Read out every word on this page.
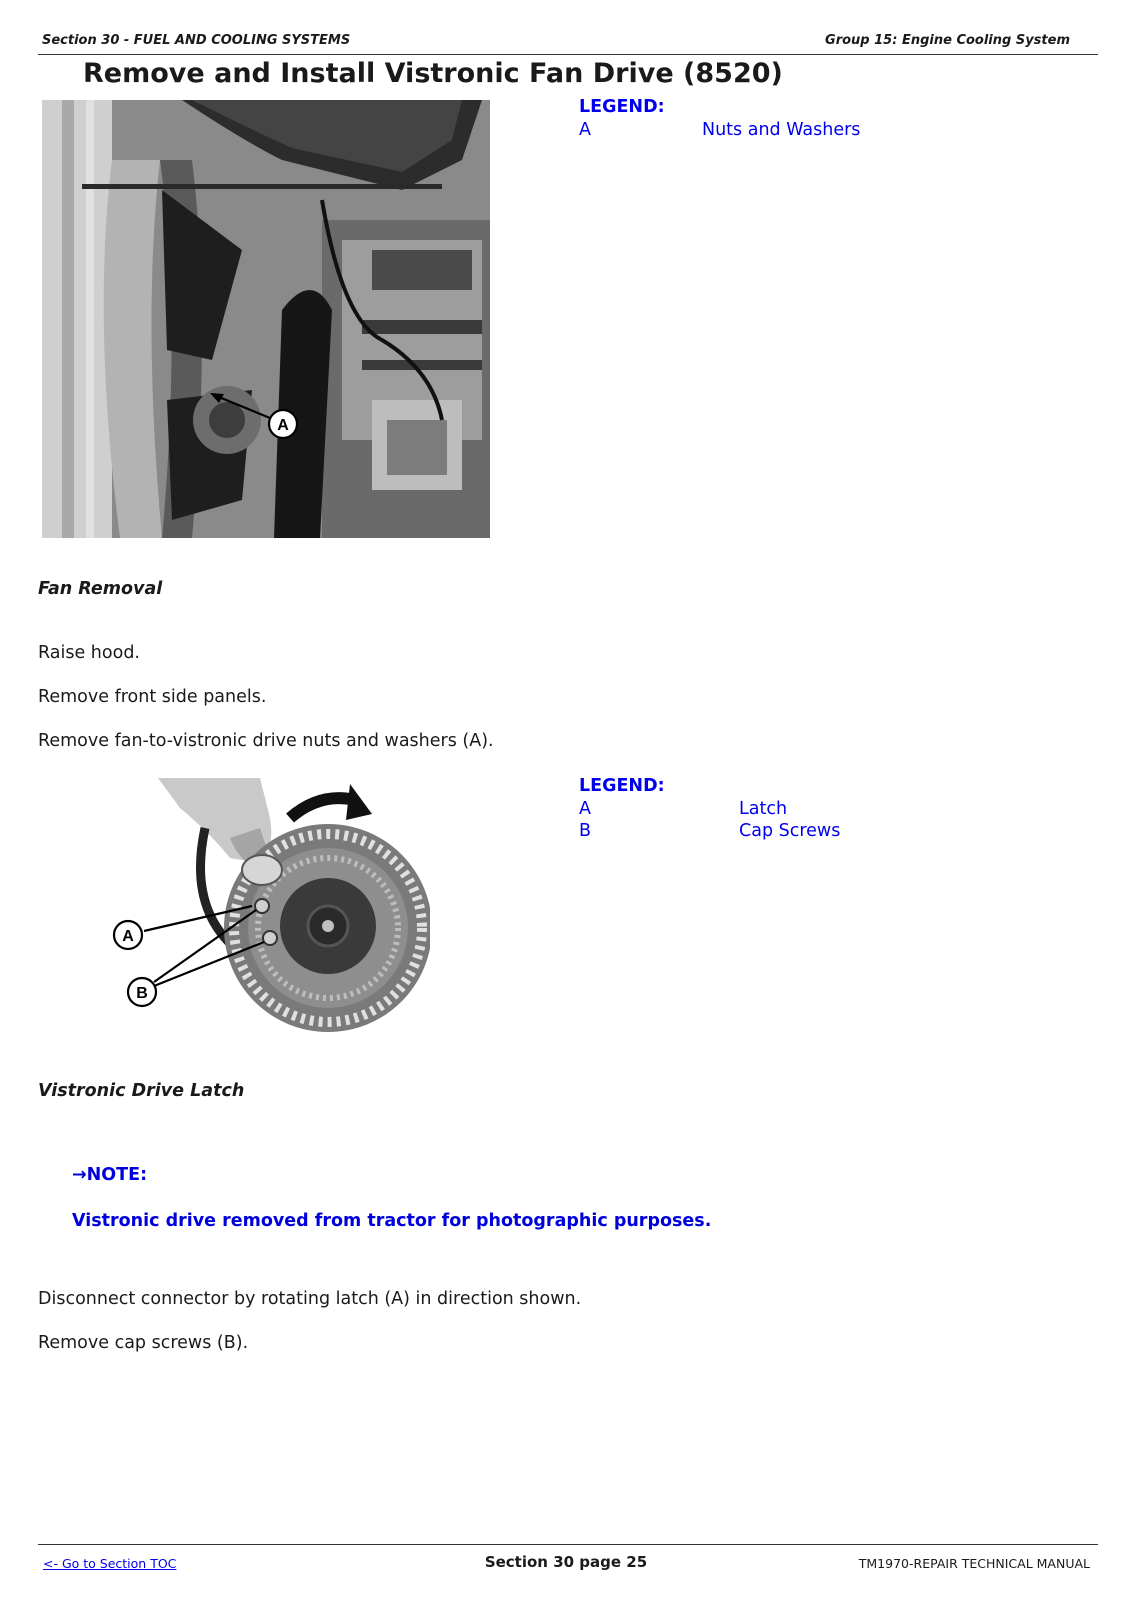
Section 30 - FUEL AND COOLING SYSTEMS	Group 15: Engine Cooling System
Remove and Install Vistronic Fan Drive (8520)
A
LEGEND:
A	Nuts and Washers
Fan Removal
Raise hood.
Remove front side panels.
Remove fan-to-vistronic drive nuts and washers (A).
A
B
LEGEND:
A	Latch
B	Cap Screws
Vistronic Drive Latch
→NOTE:
Vistronic drive removed from tractor for photographic purposes.
Disconnect connector by rotating latch (A) in direction shown.
Remove cap screws (B).
<- Go to Section TOC	Section 30 page 25	TM1970-REPAIR TECHNICAL MANUAL
